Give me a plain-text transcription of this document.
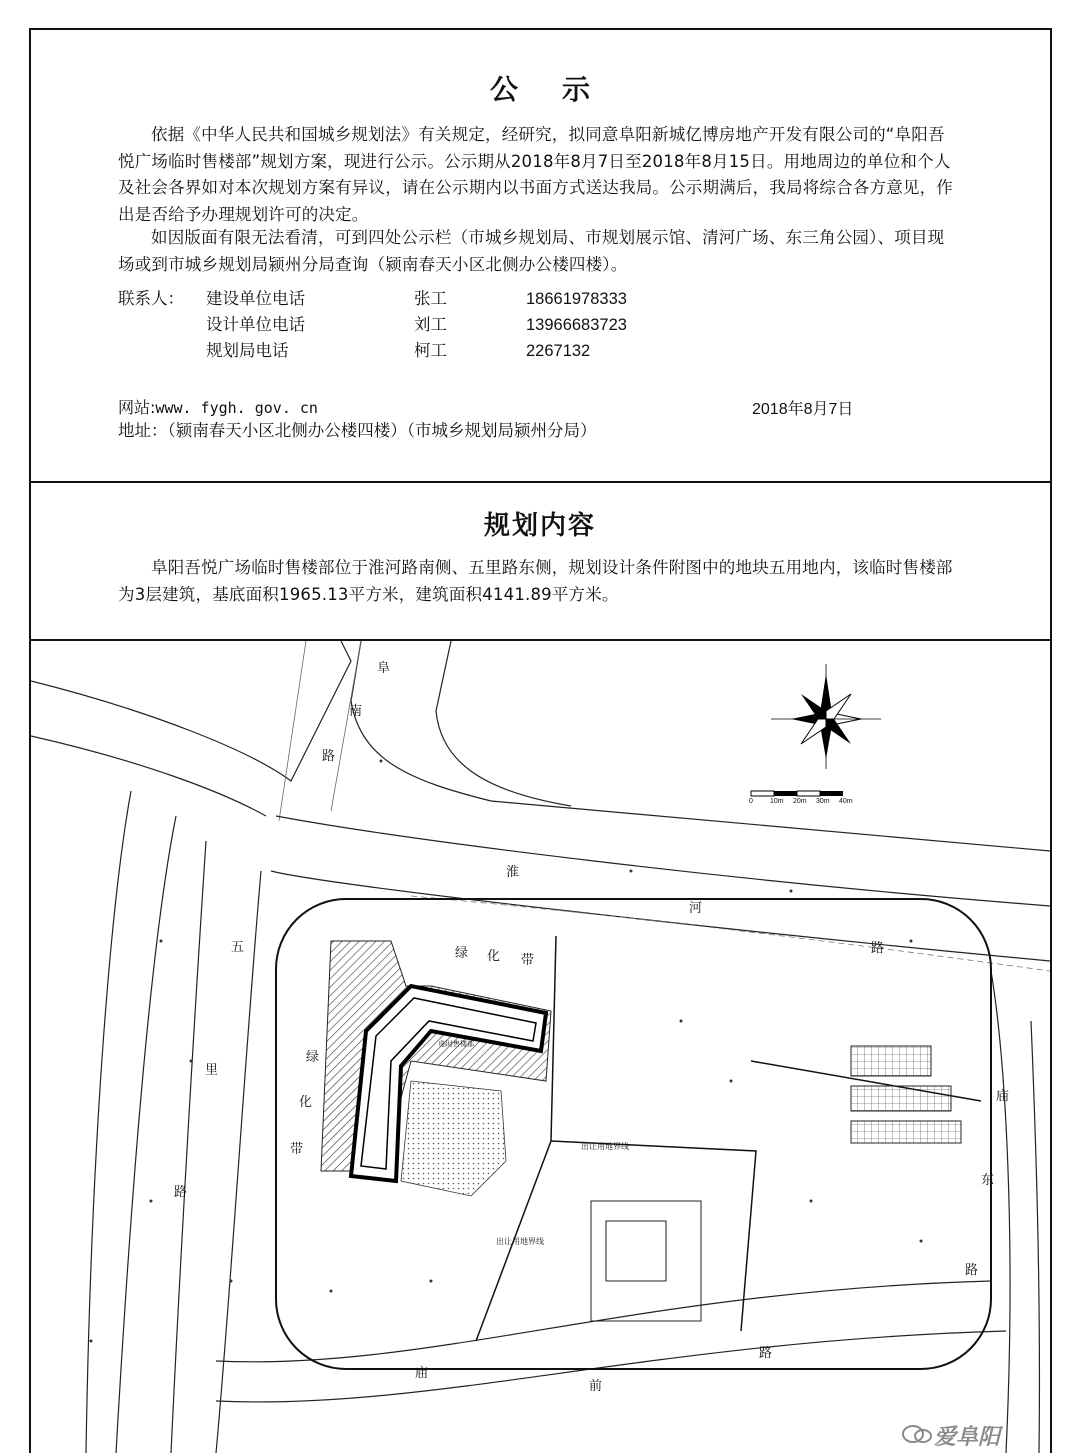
公示

依据《中华人民共和国城乡规划法》有关规定，经研究，拟同意阜阳新城亿博房地产开发有限公司的“阜阳吾悦广场临时售楼部”规划方案，现进行公示。公示期从2018年8月7日至2018年8月15日。用地周边的单位和个人及社会各界如对本次规划方案有异议，请在公示期内以书面方式送达我局。公示期满后，我局将综合各方意见，作出是否给予办理规划许可的决定。

如因版面有限无法看清，可到四处公示栏（市城乡规划局、市规划展示馆、清河广场、东三角公园）、项目现场或到市城乡规划局颍州分局查询（颍南春天小区北侧办公楼四楼）。

联系人： 建设单位电话	张工	18661978333
设计单位电话	刘工	13966683723
规划局电话	柯工	2267132
网站:www. fygh. gov. cn	2018年8月7日
地址：（颍南春天小区北侧办公楼四楼）（市城乡规划局颍州分局）
规划内容

阜阳吾悦广场临时售楼部位于淮河路南侧、五里路东侧，规划设计条件附图中的地块五用地内，该临时售楼部为3层建筑，基底面积1965.13平方米，建筑面积4141.89平方米。

0 10m 20m 30m 40m
阜
南
路
淮
河
路
五
里
路
庙
东
路
庙
前
路
绿 化 带
绿
化
带	出让用地界线
出让用地界线
临时售楼部
爱阜阳
